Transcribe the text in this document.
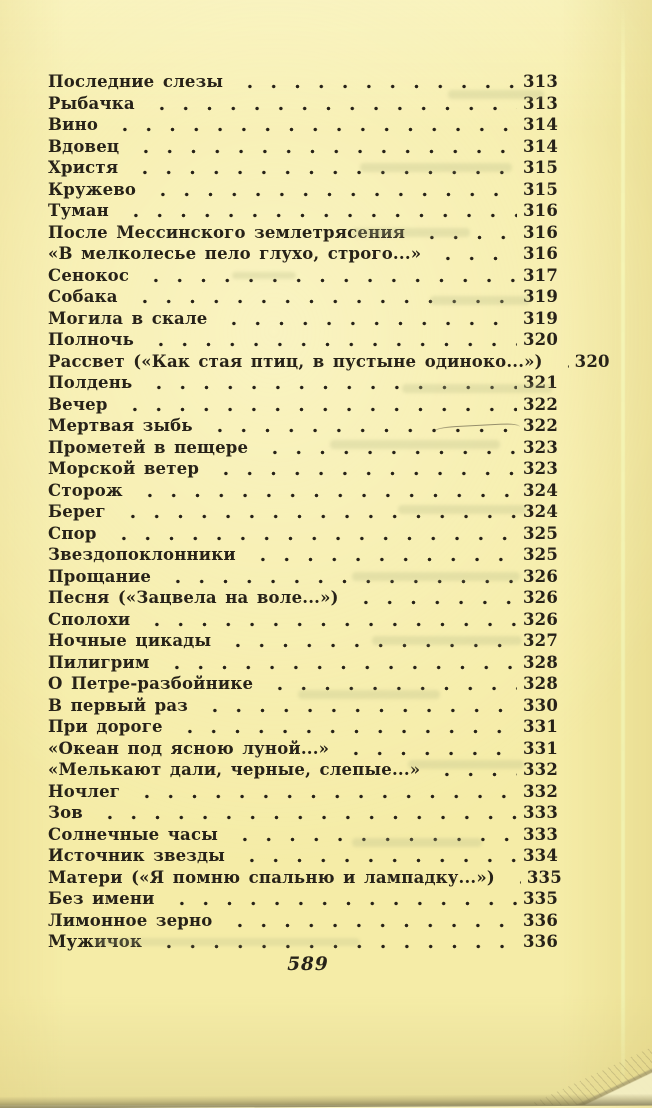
Последние слезы	313
Рыбачка	313
Вино	314
Вдовец	314
Христя	315
Кружево	315
Туман	316
После Мессинского землетрясения	316
«В мелколесье пело глухо, строго...»	316
Сенокос	317
Собака	319
Могила в скале	319
Полночь	320
Рассвет («Как стая птиц, в пустыне одиноко...») 320
Полдень	321
Вечер	322
Мертвая зыбь	322
Прометей в пещере	323
Морской ветер	323
Сторож	324
Берег	324
Спор	325
Звездопоклонники	325
Прощание	326
Песня («Зацвела на воле...»)	326
Сполохи	326
Ночные цикады	327
Пилигрим	328
О Петре-разбойнике	328
В первый раз	330
При дороге	331
«Океан под ясною луной...»	331
«Мелькают дали, черные, слепые...»	332
Ночлег	332
Зов	333
Солнечные часы	333
Источник звезды	334
Матери («Я помню спальню и лампадку...») 335
Без имени	335
Лимонное зерно	336
Мужичок	336
589
